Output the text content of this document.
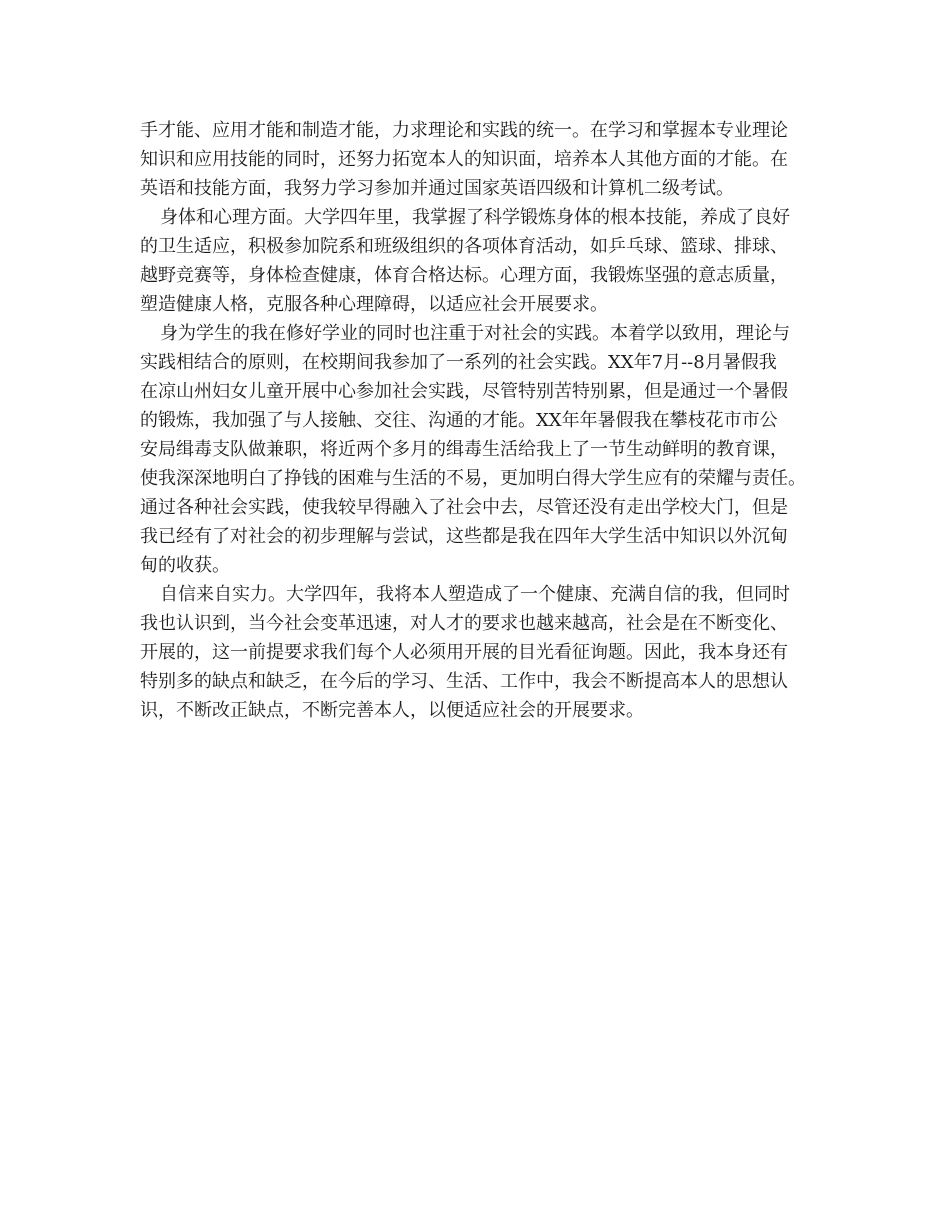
手才能、应用才能和制造才能，力求理论和实践的统一。在学习和掌握本专业理论
知识和应用技能的同时，还努力拓宽本人的知识面，培养本人其他方面的才能。在
英语和技能方面，我努力学习参加并通过国家英语四级和计算机二级考试。
身体和心理方面。大学四年里，我掌握了科学锻炼身体的根本技能，养成了良好
的卫生适应，积极参加院系和班级组织的各项体育活动，如乒乓球、篮球、排球、
越野竞赛等，身体检查健康，体育合格达标。心理方面，我锻炼坚强的意志质量，
塑造健康人格，克服各种心理障碍，以适应社会开展要求。
身为学生的我在修好学业的同时也注重于对社会的实践。本着学以致用，理论与
实践相结合的原则，在校期间我参加了一系列的社会实践。XX年7月--8月暑假我
在凉山州妇女儿童开展中心参加社会实践，尽管特别苦特别累，但是通过一个暑假
的锻炼，我加强了与人接触、交往、沟通的才能。XX年年暑假我在攀枝花市市公
安局缉毒支队做兼职，将近两个多月的缉毒生活给我上了一节生动鲜明的教育课，
使我深深地明白了挣钱的困难与生活的不易，更加明白得大学生应有的荣耀与责任。
通过各种社会实践，使我较早得融入了社会中去，尽管还没有走出学校大门，但是
我已经有了对社会的初步理解与尝试，这些都是我在四年大学生活中知识以外沉甸
甸的收获。
自信来自实力。大学四年，我将本人塑造成了一个健康、充满自信的我，但同时
我也认识到，当今社会变革迅速，对人才的要求也越来越高，社会是在不断变化、
开展的，这一前提要求我们每个人必须用开展的目光看征询题。因此，我本身还有
特别多的缺点和缺乏，在今后的学习、生活、工作中，我会不断提高本人的思想认
识，不断改正缺点，不断完善本人，以便适应社会的开展要求。
